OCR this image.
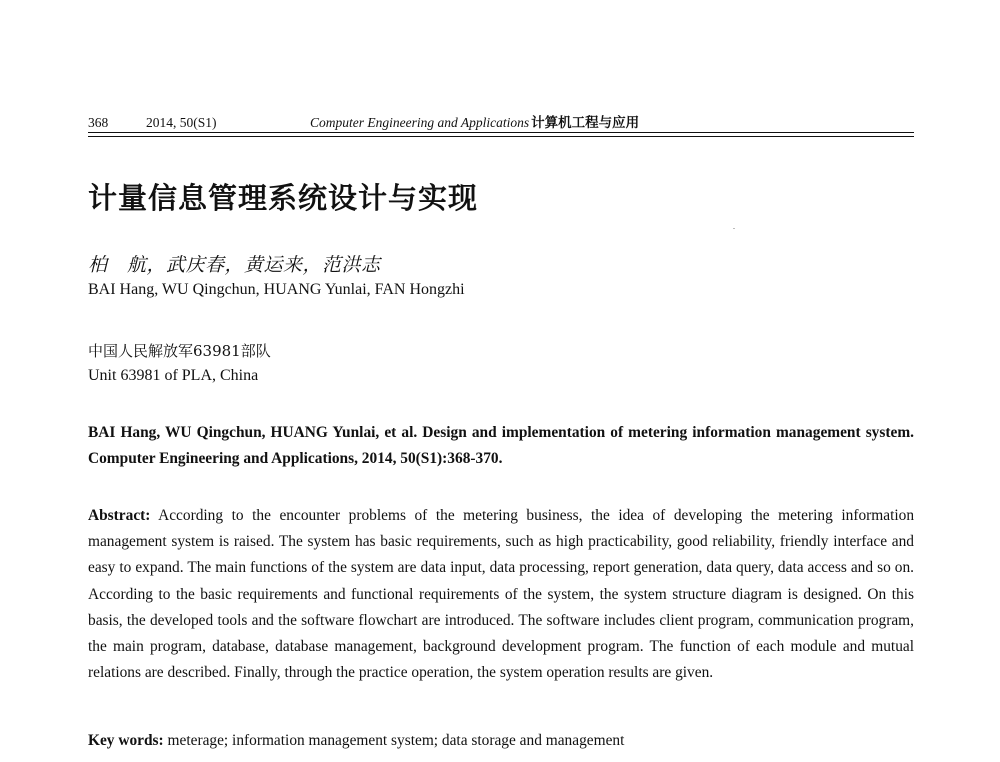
368	2014, 50(S1)	Computer Engineering and Applications 计算机工程与应用
计量信息管理系统设计与实现
柏　航，武庆春，黄运来，范洪志
BAI Hang, WU Qingchun, HUANG Yunlai, FAN Hongzhi
中国人民解放军63981部队
Unit 63981 of PLA, China
BAI Hang, WU Qingchun, HUANG Yunlai, et al. Design and implementation of metering information management system. Computer Engineering and Applications, 2014, 50(S1):368-370.
Abstract: According to the encounter problems of the metering business, the idea of developing the metering information management system is raised. The system has basic requirements, such as high practicability, good reliability, friendly interface and easy to expand. The main functions of the system are data input, data processing, report generation, data query, data access and so on. According to the basic requirements and functional requirements of the system, the system structure diagram is designed. On this basis, the developed tools and the software flowchart are introduced. The software includes client program, communication program, the main program, database, database management, background development program. The function of each module and mutual relations are described. Finally, through the practice operation, the system operation results are given.
Key words: meterage; information management system; data storage and management
